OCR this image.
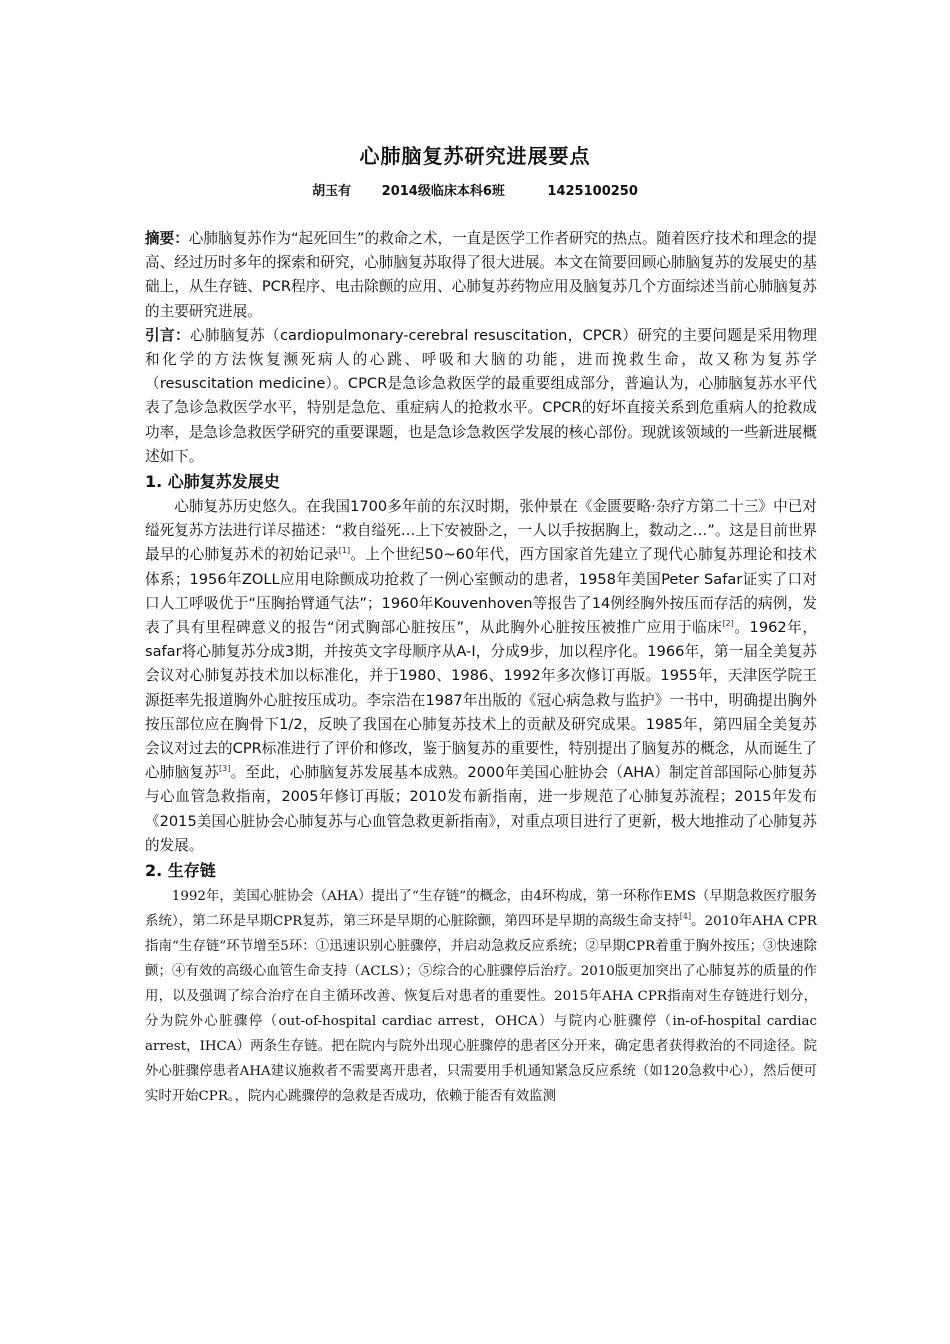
心肺脑复苏研究进展要点
胡玉有 2014级临床本科6班	1425100250

摘要：心肺脑复苏作为“起死回生”的救命之术，一直是医学工作者研究的热点。随着医疗技术和理念的提高、经过历时多年的探索和研究，心肺脑复苏取得了很大进展。本文在简要回顾心肺脑复苏的发展史的基础上，从生存链、PCR程序、电击除颤的应用、心肺复苏药物应用及脑复苏几个方面综述当前心肺脑复苏的主要研究进展。

引言：心肺脑复苏（cardiopulmonary-cerebral resuscitation，CPCR）研究的主要问题是采用物理和化学的方法恢复濒死病人的心跳、呼吸和大脑的功能，进而挽救生命，故又称为复苏学（resuscitation medicine）。CPCR是急诊急救医学的最重要组成部分，普遍认为，心肺脑复苏水平代表了急诊急救医学水平，特别是急危、重症病人的抢救水平。CPCR的好坏直接关系到危重病人的抢救成功率，是急诊急救医学研究的重要课题，也是急诊急救医学发展的核心部份。现就该领域的一些新进展概述如下。

1. 心肺复苏发展史

心肺复苏历史悠久。在我国1700多年前的东汉时期，张仲景在《金匮要略·杂疗方第二十三》中已对缢死复苏方法进行详尽描述：“救自缢死…上下安被卧之，一人以手按据胸上，数动之…”。这是目前世界最早的心肺复苏术的初始记录[1]。上个世纪50~60年代，西方国家首先建立了现代心肺复苏理论和技术体系；1956年ZOLL应用电除颤成功抢救了一例心室颤动的患者，1958年美国Peter Safar证实了口对口人工呼吸优于“压胸抬臂通气法”；1960年Kouvenhoven等报告了14例经胸外按压而存活的病例，发表了具有里程碑意义的报告“闭式胸部心脏按压”，从此胸外心脏按压被推广应用于临床[2]。1962年，safar将心肺复苏分成3期，并按英文字母顺序从A-I，分成9步，加以程序化。1966年，第一届全美复苏会议对心肺复苏技术加以标准化，并于1980、1986、1992年多次修订再版。1955年，天津医学院王源挺率先报道胸外心脏按压成功。李宗浩在1987年出版的《冠心病急救与监护》一书中，明确提出胸外按压部位应在胸骨下1/2，反映了我国在心肺复苏技术上的贡献及研究成果。1985年，第四届全美复苏会议对过去的CPR标准进行了评价和修改，鉴于脑复苏的重要性，特别提出了脑复苏的概念，从而诞生了心肺脑复苏[3]。至此，心肺脑复苏发展基本成熟。2000年美国心脏协会（AHA）制定首部国际心肺复苏与心血管急救指南，2005年修订再版；2010发布新指南，进一步规范了心肺复苏流程；2015年发布《2015美国心脏协会心肺复苏与心血管急救更新指南》，对重点项目进行了更新，极大地推动了心肺复苏的发展。

2. 生存链

1992年，美国心脏协会（AHA）提出了“生存链”的概念，由4环构成，第一环称作EMS（早期急救医疗服务系统），第二环是早期CPR复苏，第三环是早期的心脏除颤，第四环是早期的高级生命支持[4]。2010年AHA CPR指南“生存链”环节增至5环：①迅速识别心脏骤停，并启动急救反应系统；②早期CPR着重于胸外按压；③快速除颤；④有效的高级心血管生命支持（ACLS）；⑤综合的心脏骤停后治疗。2010版更加突出了心肺复苏的质量的作用，以及强调了综合治疗在自主循环改善、恢复后对患者的重要性。2015年AHA CPR指南对生存链进行划分，分为院外心脏骤停（out-of-hospital cardiac arrest，OHCA）与院内心脏骤停（in-of-hospital cardiac arrest，IHCA）两条生存链。把在院内与院外出现心脏骤停的患者区分开来，确定患者获得救治的不同途径。院外心脏骤停患者AHA建议施救者不需要离开患者，只需要用手机通知紧急反应系统（如120急救中心），然后便可实时开始CPR。，院内心跳骤停的急救是否成功，依赖于能否有效监测
